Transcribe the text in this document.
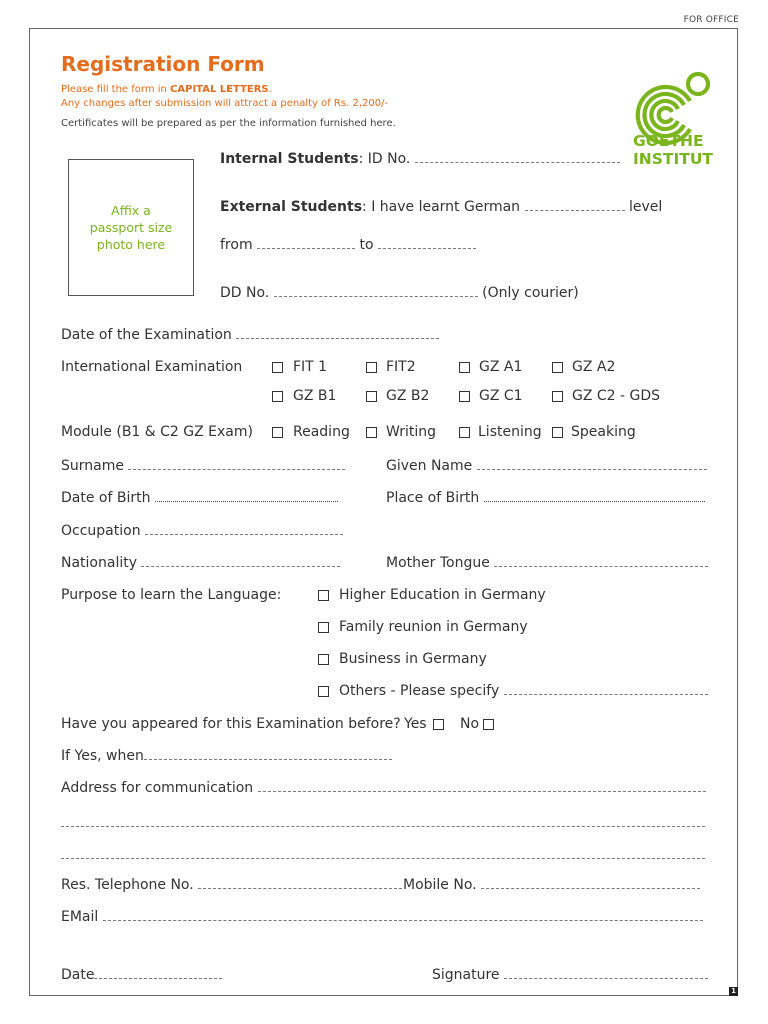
FOR OFFICE
Registration Form
Please fill the form in CAPITAL LETTERS.
Any changes after submission will attract a penalty of Rs. 2,200/-
Certificates will be prepared as per the information furnished here.
GOETHE
INSTITUT
Affix a
passport size
photo here
Internal Students: ID No.
External Students: I have learnt German	level
from	to
DD No.	(Only courier)
Date of the Examination
International Examination	FIT 1	FIT2	GZ A1	GZ A2
GZ B1	GZ B2	GZ C1	GZ C2 - GDS
Module (B1 & C2 GZ Exam)	Reading	Writing	Listening Speaking
Surname	Given Name
Date of Birth	Place of Birth
Occupation
Nationality	Mother Tongue
Purpose to learn the Language:	Higher Education in Germany
Family reunion in Germany
Business in Germany
Others - Please specify
Have you appeared for this Examination before? Yes No
If Yes, when
Address for communication
Res. Telephone No.	Mobile No.
EMail
Date	Signature
1
